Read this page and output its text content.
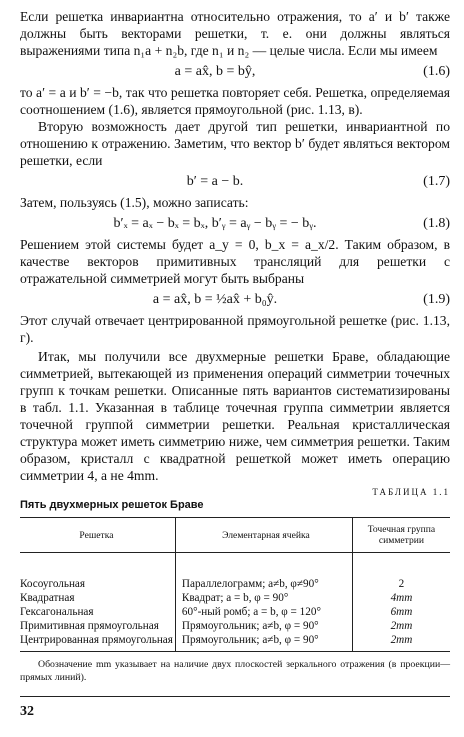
Если решетка инвариантна относительно отражения, то a′ и b′ также должны быть векторами решетки, т. е. они должны являться выражениями типа n₁a + n₂b, где n₁ и n₂ — целые числа. Если мы имеем

a = ax̂, b = bŷ,	(1.6)

то a′ = a и b′ = −b, так что решетка повторяет себя. Решетка, определяемая соотношением (1.6), является прямоугольной (рис. 1.13, в).

Вторую возможность дает другой тип решетки, инвариантной по отношению к отражению. Заметим, что вектор b′ будет являться вектором решетки, если

b′ = a − b.	(1.7)

Затем, пользуясь (1.5), можно записать:

b′ₓ = aₓ − bₓ = bₓ, b′ᵧ = aᵧ − bᵧ = − bᵧ.	(1.8)

Решением этой системы будет a_y = 0, b_x = a_x/2. Таким образом, в качестве векторов примитивных трансляций для решетки с отражательной симметрией могут быть выбраны

a = ax̂, b = ½ax̂ + b₀ŷ.	(1.9)

Этот случай отвечает центрированной прямоугольной решетке (рис. 1.13, г).

Итак, мы получили все двухмерные решетки Браве, обладающие симметрией, вытекающей из применения операций симметрии точечных групп к точкам решетки. Описанные пять вариантов систематизированы в табл. 1.1. Указанная в таблице точечная группа симметрии является точечной группой симметрии решетки. Реальная кристаллическая структура может иметь симметрию ниже, чем симметрия решетки. Таким образом, кристалл с квадратной решеткой может иметь операцию симметрии 4, а не 4mm.

ТАБЛИЦА 1.1
Пять двухмерных решеток Браве
Решетка	Элементарная ячейка	Точечная группа симметрии
Косоугольная	Параллелограмм; a≠b, φ≠90°	2
Квадратная	Квадрат; a = b, φ = 90°	4mm
Гексагональная	60°-ный ромб; a = b, φ = 120°	6mm
Примитивная прямоугольная	Прямоугольник; a≠b, φ = 90°	2mm
Центрированная прямоугольная	Прямоугольник; a≠b, φ = 90°	2mm

Обозначение mm указывает на наличие двух плоскостей зеркального отражения (в проекции—прямых линий).

32
